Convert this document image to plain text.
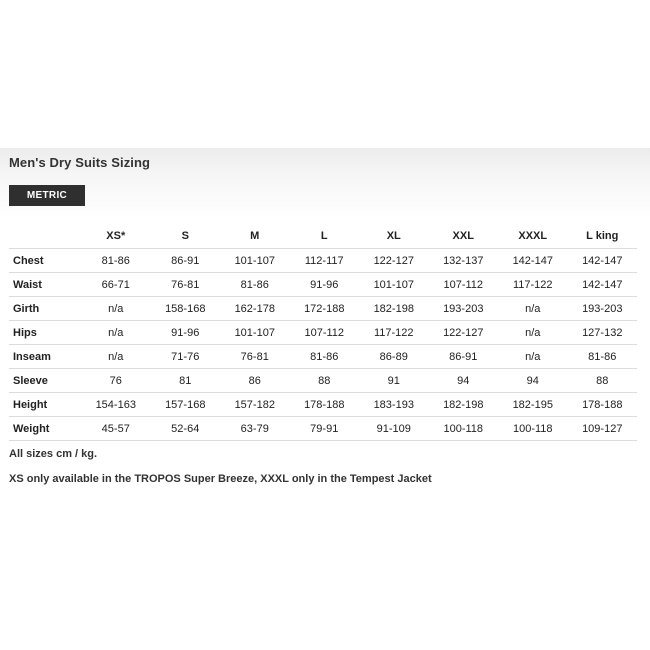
Men's Dry Suits Sizing
METRIC
	XS*	S	M	L	XL	XXL	XXXL	L king
Chest	81-86	86-91	101-107	112-117	122-127	132-137	142-147	142-147
Waist	66-71	76-81	81-86	91-96	101-107	107-112	117-122	142-147
Girth	n/a	158-168	162-178	172-188	182-198	193-203	n/a	193-203
Hips	n/a	91-96	101-107	107-112	117-122	122-127	n/a	127-132
Inseam	n/a	71-76	76-81	81-86	86-89	86-91	n/a	81-86
Sleeve	76	81	86	88	91	94	94	88
Height	154-163	157-168	157-182	178-188	183-193	182-198	182-195	178-188
Weight	45-57	52-64	63-79	79-91	91-109	100-118	100-118	109-127
All sizes cm / kg.
XS only available in the TROPOS Super Breeze, XXXL only in the Tempest Jacket
